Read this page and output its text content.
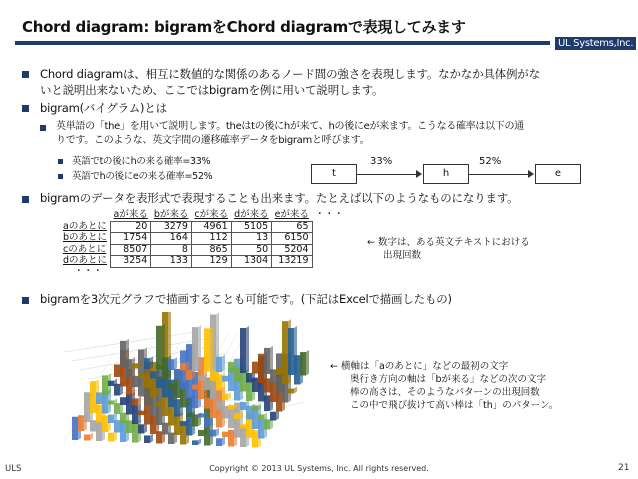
Chord diagram: bigramをChord diagramで表現してみます
UL Systems,Inc.
Chord diagramは、相互に数値的な関係のあるノード間の強さを表現します。なかなか具体例がな
いと説明出来ないため、ここではbigramを例に用いて説明します。
bigram(バイグラム)とは
英単語の「the」を用いて説明します。theはtの後にhが来て、hの後にeが来ます。こうなる確率は以下の通
りです。このような、英文字間の遷移確率データをbigramと呼びます。
英語でtの後にhの来る確率=33%
英語でhの後にeの来る確率=52%
33%	52%
t	h	e
bigramのデータを表形式で表現することも出来ます。たとえば以下のようなものになります。
	aが来る	bが来る	cが来る	dが来る	eが来る	・・・
aのあとに	20	3279	4961	5105	65	
bのあとに	1754	164	112	13	6150	
cのあとに	8507	8	865	50	5204	
dのあとに	3254	133	129	1304	13219	
・・・						
← 数字は、ある英文テキストにおける
出現回数
bigramを3次元グラフで描画することも可能です。(下記はExcelで描画したもの)
← 横軸は「aのあとに」などの最初の文字
奥行き方向の軸は「bが来る」などの次の文字
棒の高さは、そのようなパターンの出現回数
この中で飛び抜けて高い棒は「th」のパターン。
ULS	Copyright © 2013 UL Systems, Inc. All rights reserved.	21
